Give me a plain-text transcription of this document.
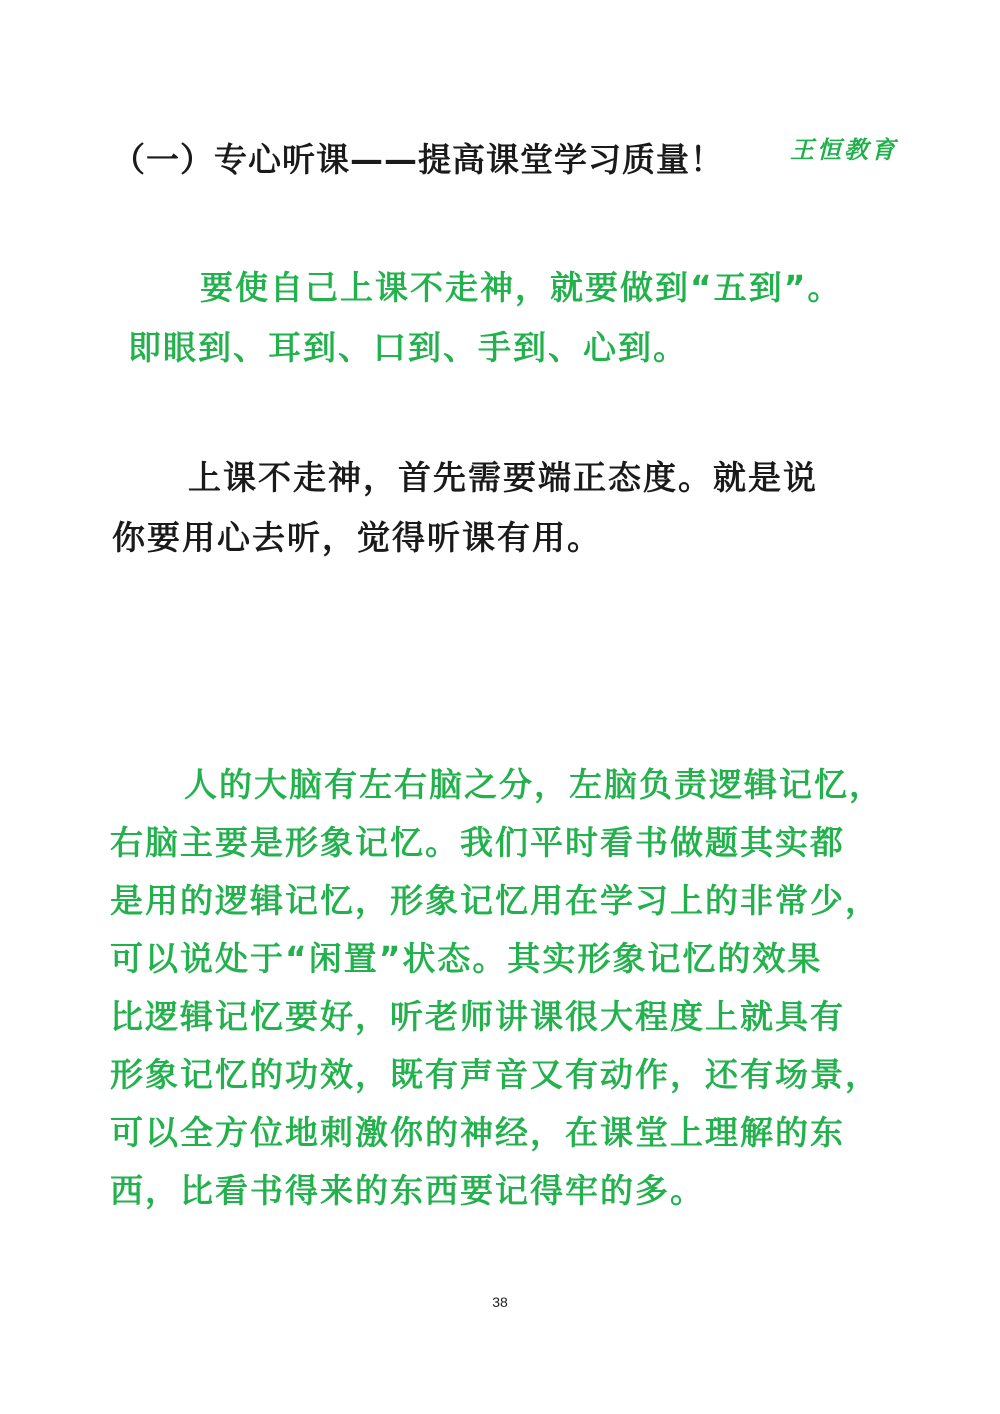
（一）专心听课——提高课堂学习质量！	王恒教育
要使自己上课不走神，就要做到“五到”。
即眼到、耳到、口到、手到、心到。
上课不走神，首先需要端正态度。就是说
你要用心去听，觉得听课有用。
人的大脑有左右脑之分，左脑负责逻辑记忆，
右脑主要是形象记忆。我们平时看书做题其实都
是用的逻辑记忆，形象记忆用在学习上的非常少，
可以说处于“闲置”状态。其实形象记忆的效果
比逻辑记忆要好，听老师讲课很大程度上就具有
形象记忆的功效，既有声音又有动作，还有场景，
可以全方位地刺激你的神经，在课堂上理解的东
西，比看书得来的东西要记得牢的多。
38
